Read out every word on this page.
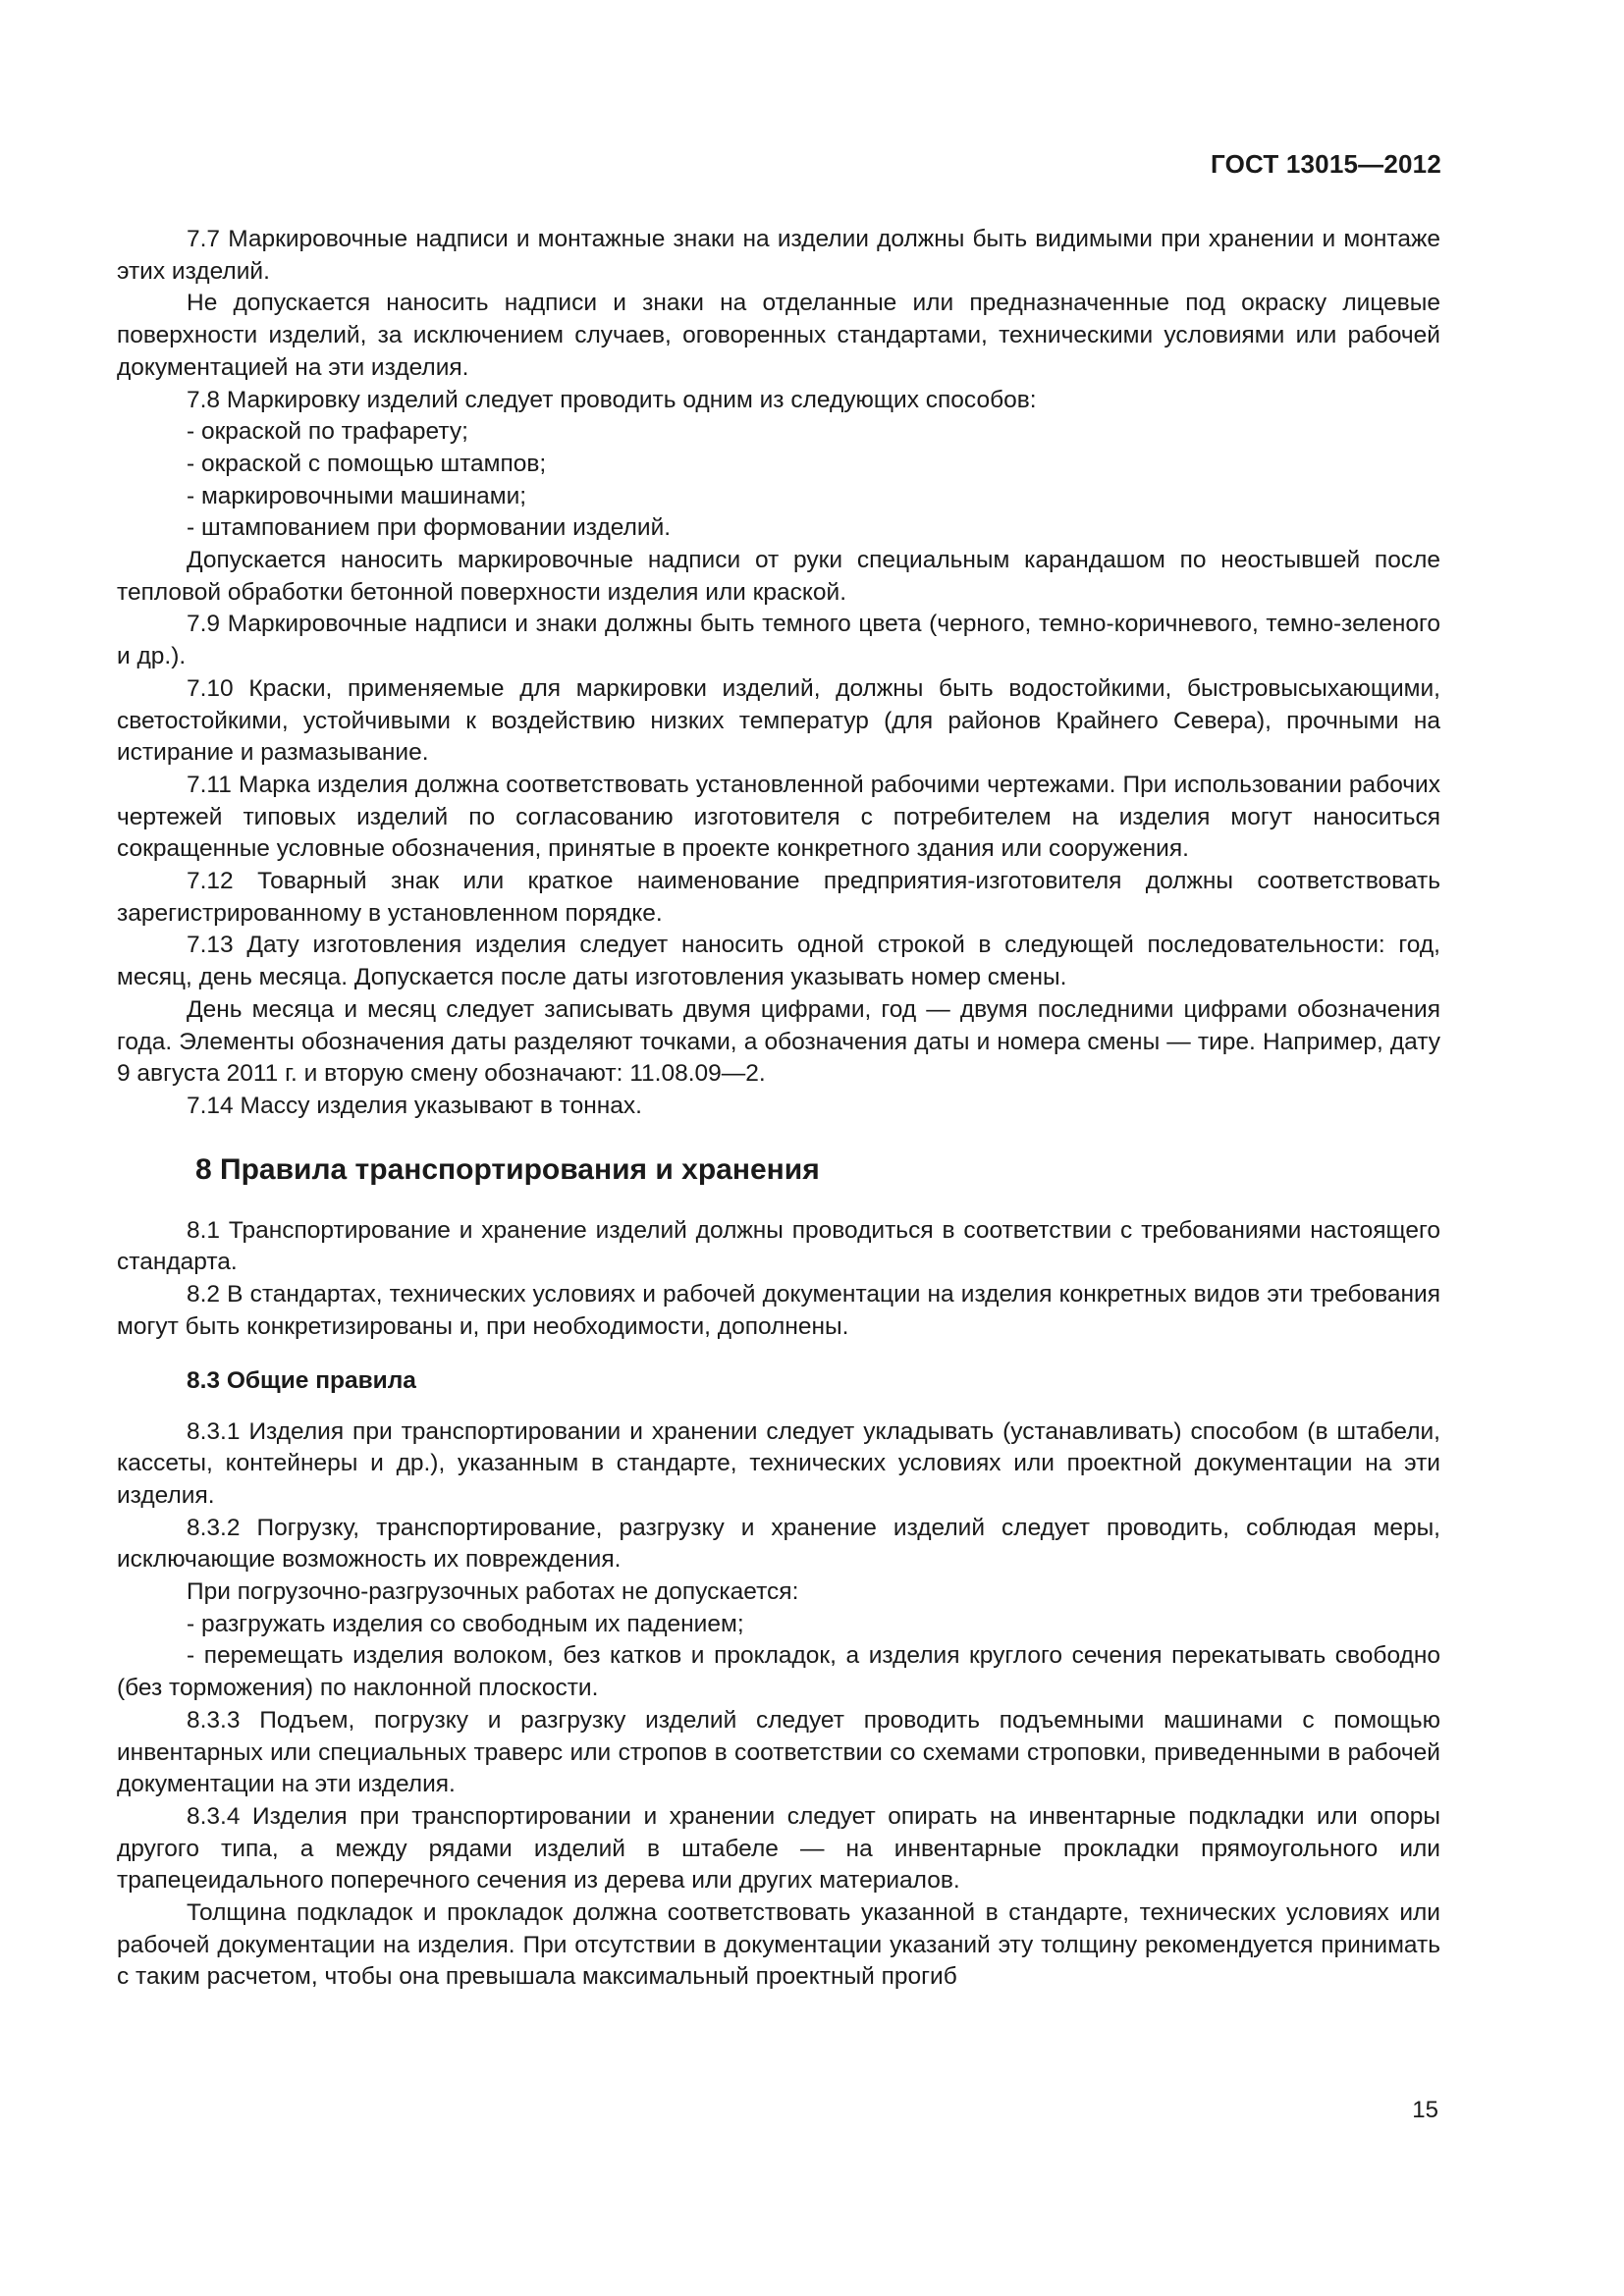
ГОСТ 13015—2012

7.7 Маркировочные надписи и монтажные знаки на изделии должны быть видимыми при хранении и монтаже этих изделий.

Не допускается наносить надписи и знаки на отделанные или предназначенные под окраску лицевые поверхности изделий, за исключением случаев, оговоренных стандартами, техническими условиями или рабочей документацией на эти изделия.

7.8 Маркировку изделий следует проводить одним из следующих способов:

- окраской по трафарету;

- окраской с помощью штампов;

- маркировочными машинами;

- штампованием при формовании изделий.

Допускается наносить маркировочные надписи от руки специальным карандашом по неостывшей после тепловой обработки бетонной поверхности изделия или краской.

7.9 Маркировочные надписи и знаки должны быть темного цвета (черного, темно-коричневого, темно-зеленого и др.).

7.10 Краски, применяемые для маркировки изделий, должны быть водостойкими, быстровысыхающими, светостойкими, устойчивыми к воздействию низких температур (для районов Крайнего Севера), прочными на истирание и размазывание.

7.11 Марка изделия должна соответствовать установленной рабочими чертежами. При использовании рабочих чертежей типовых изделий по согласованию изготовителя с потребителем на изделия могут наноситься сокращенные условные обозначения, принятые в проекте конкретного здания или сооружения.

7.12 Товарный знак или краткое наименование предприятия-изготовителя должны соответствовать зарегистрированному в установленном порядке.

7.13 Дату изготовления изделия следует наносить одной строкой в следующей последовательности: год, месяц, день месяца. Допускается после даты изготовления указывать номер смены.

День месяца и месяц следует записывать двумя цифрами, год — двумя последними цифрами обозначения года. Элементы обозначения даты разделяют точками, а обозначения даты и номера смены — тире. Например, дату 9 августа 2011 г. и вторую смену обозначают: 11.08.09—2.

7.14 Массу изделия указывают в тоннах.

8 Правила транспортирования и хранения

8.1 Транспортирование и хранение изделий должны проводиться в соответствии с требованиями настоящего стандарта.

8.2 В стандартах, технических условиях и рабочей документации на изделия конкретных видов эти требования могут быть конкретизированы и, при необходимости, дополнены.

8.3 Общие правила

8.3.1 Изделия при транспортировании и хранении следует укладывать (устанавливать) способом (в штабели, кассеты, контейнеры и др.), указанным в стандарте, технических условиях или проектной документации на эти изделия.

8.3.2 Погрузку, транспортирование, разгрузку и хранение изделий следует проводить, соблюдая меры, исключающие возможность их повреждения.

При погрузочно-разгрузочных работах не допускается:

- разгружать изделия со свободным их падением;

- перемещать изделия волоком, без катков и прокладок, а изделия круглого сечения перекатывать свободно (без торможения) по наклонной плоскости.

8.3.3 Подъем, погрузку и разгрузку изделий следует проводить подъемными машинами с помощью инвентарных или специальных траверс или стропов в соответствии со схемами строповки, приведенными в рабочей документации на эти изделия.

8.3.4 Изделия при транспортировании и хранении следует опирать на инвентарные подкладки или опоры другого типа, а между рядами изделий в штабеле — на инвентарные прокладки прямоугольного или трапецеидального поперечного сечения из дерева или других материалов.

Толщина подкладок и прокладок должна соответствовать указанной в стандарте, технических условиях или рабочей документации на изделия. При отсутствии в документации указаний эту толщину рекомендуется принимать с таким расчетом, чтобы она превышала максимальный проектный прогиб

15
